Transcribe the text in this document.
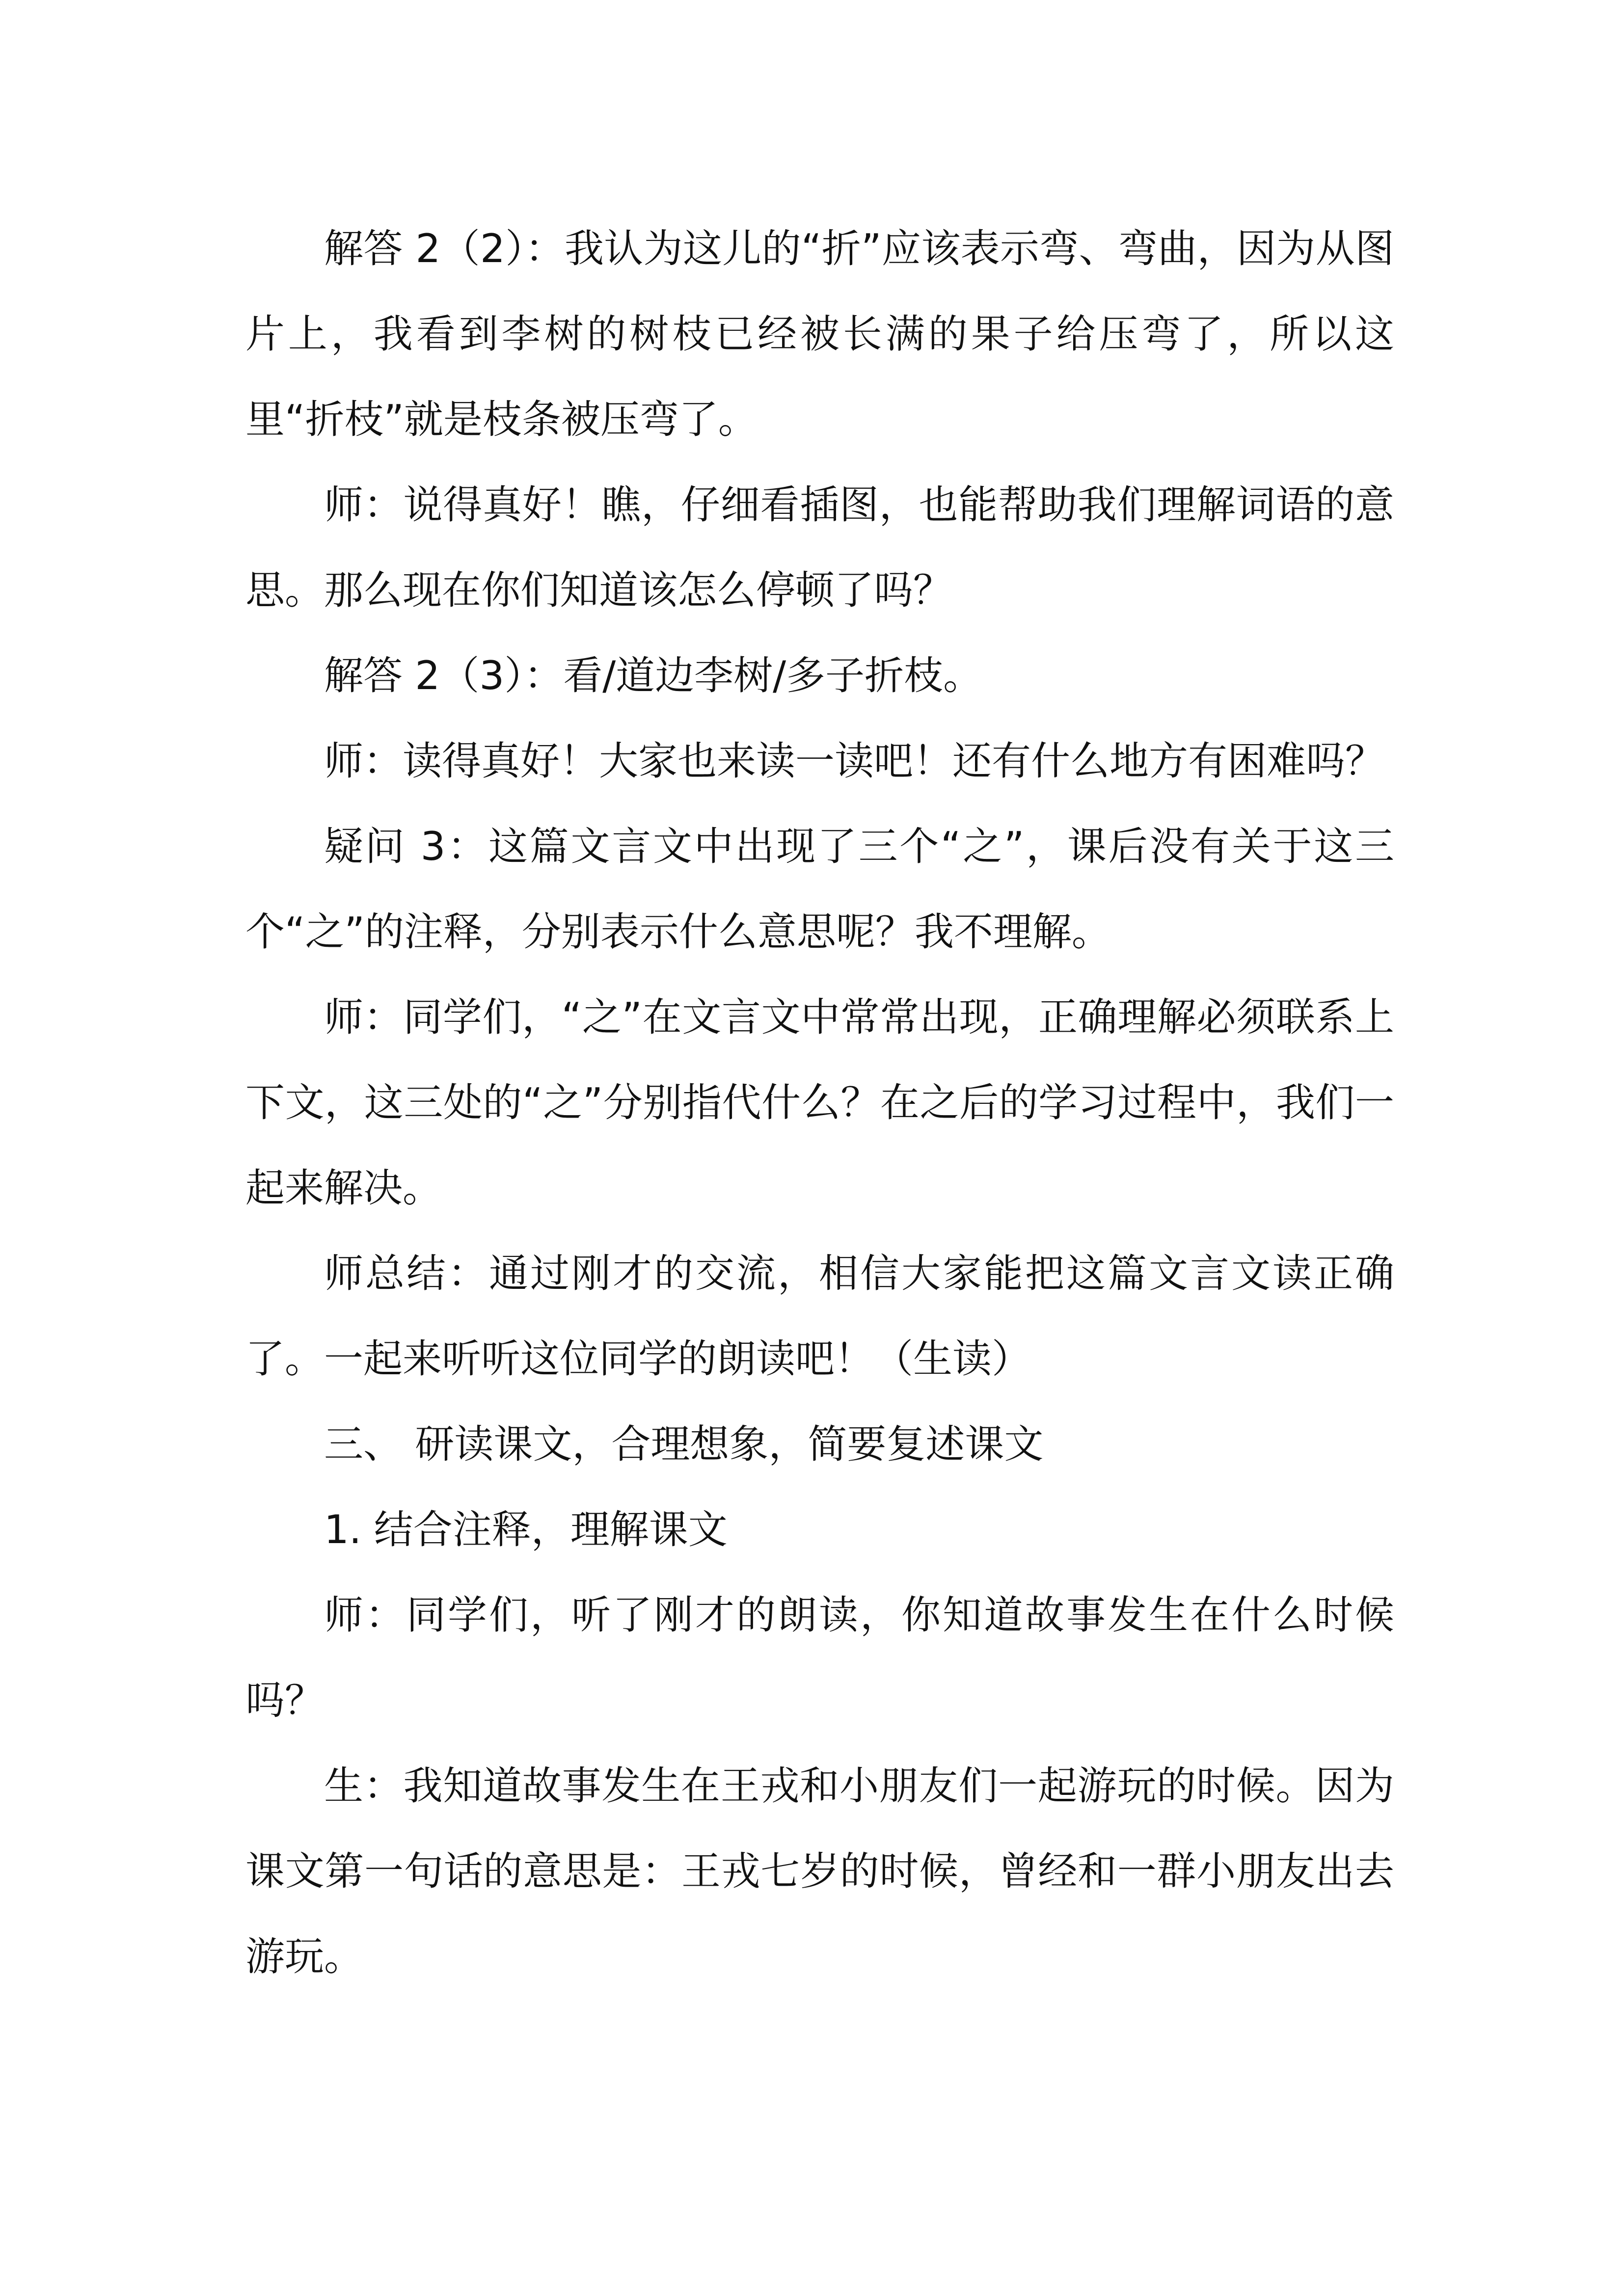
解答 2（2）：我认为这儿的“折”应该表示弯、弯曲，因为从图片上，我看到李树的树枝已经被长满的果子给压弯了，所以这里“折枝”就是枝条被压弯了。

师：说得真好！瞧，仔细看插图，也能帮助我们理解词语的意思。那么现在你们知道该怎么停顿了吗？

解答 2（3）：看/道边李树/多子折枝。

师：读得真好！大家也来读一读吧！还有什么地方有困难吗？

疑问 3：这篇文言文中出现了三个“之”，课后没有关于这三个“之”的注释，分别表示什么意思呢？我不理解。

师：同学们，“之”在文言文中常常出现，正确理解必须联系上下文，这三处的“之”分别指代什么？在之后的学习过程中，我们一起来解决。

师总结：通过刚才的交流，相信大家能把这篇文言文读正确了。一起来听听这位同学的朗读吧！（生读）

三、 研读课文，合理想象，简要复述课文

1. 结合注释，理解课文

师：同学们，听了刚才的朗读，你知道故事发生在什么时候吗？

生：我知道故事发生在王戎和小朋友们一起游玩的时候。因为课文第一句话的意思是：王戎七岁的时候，曾经和一群小朋友出去游玩。
